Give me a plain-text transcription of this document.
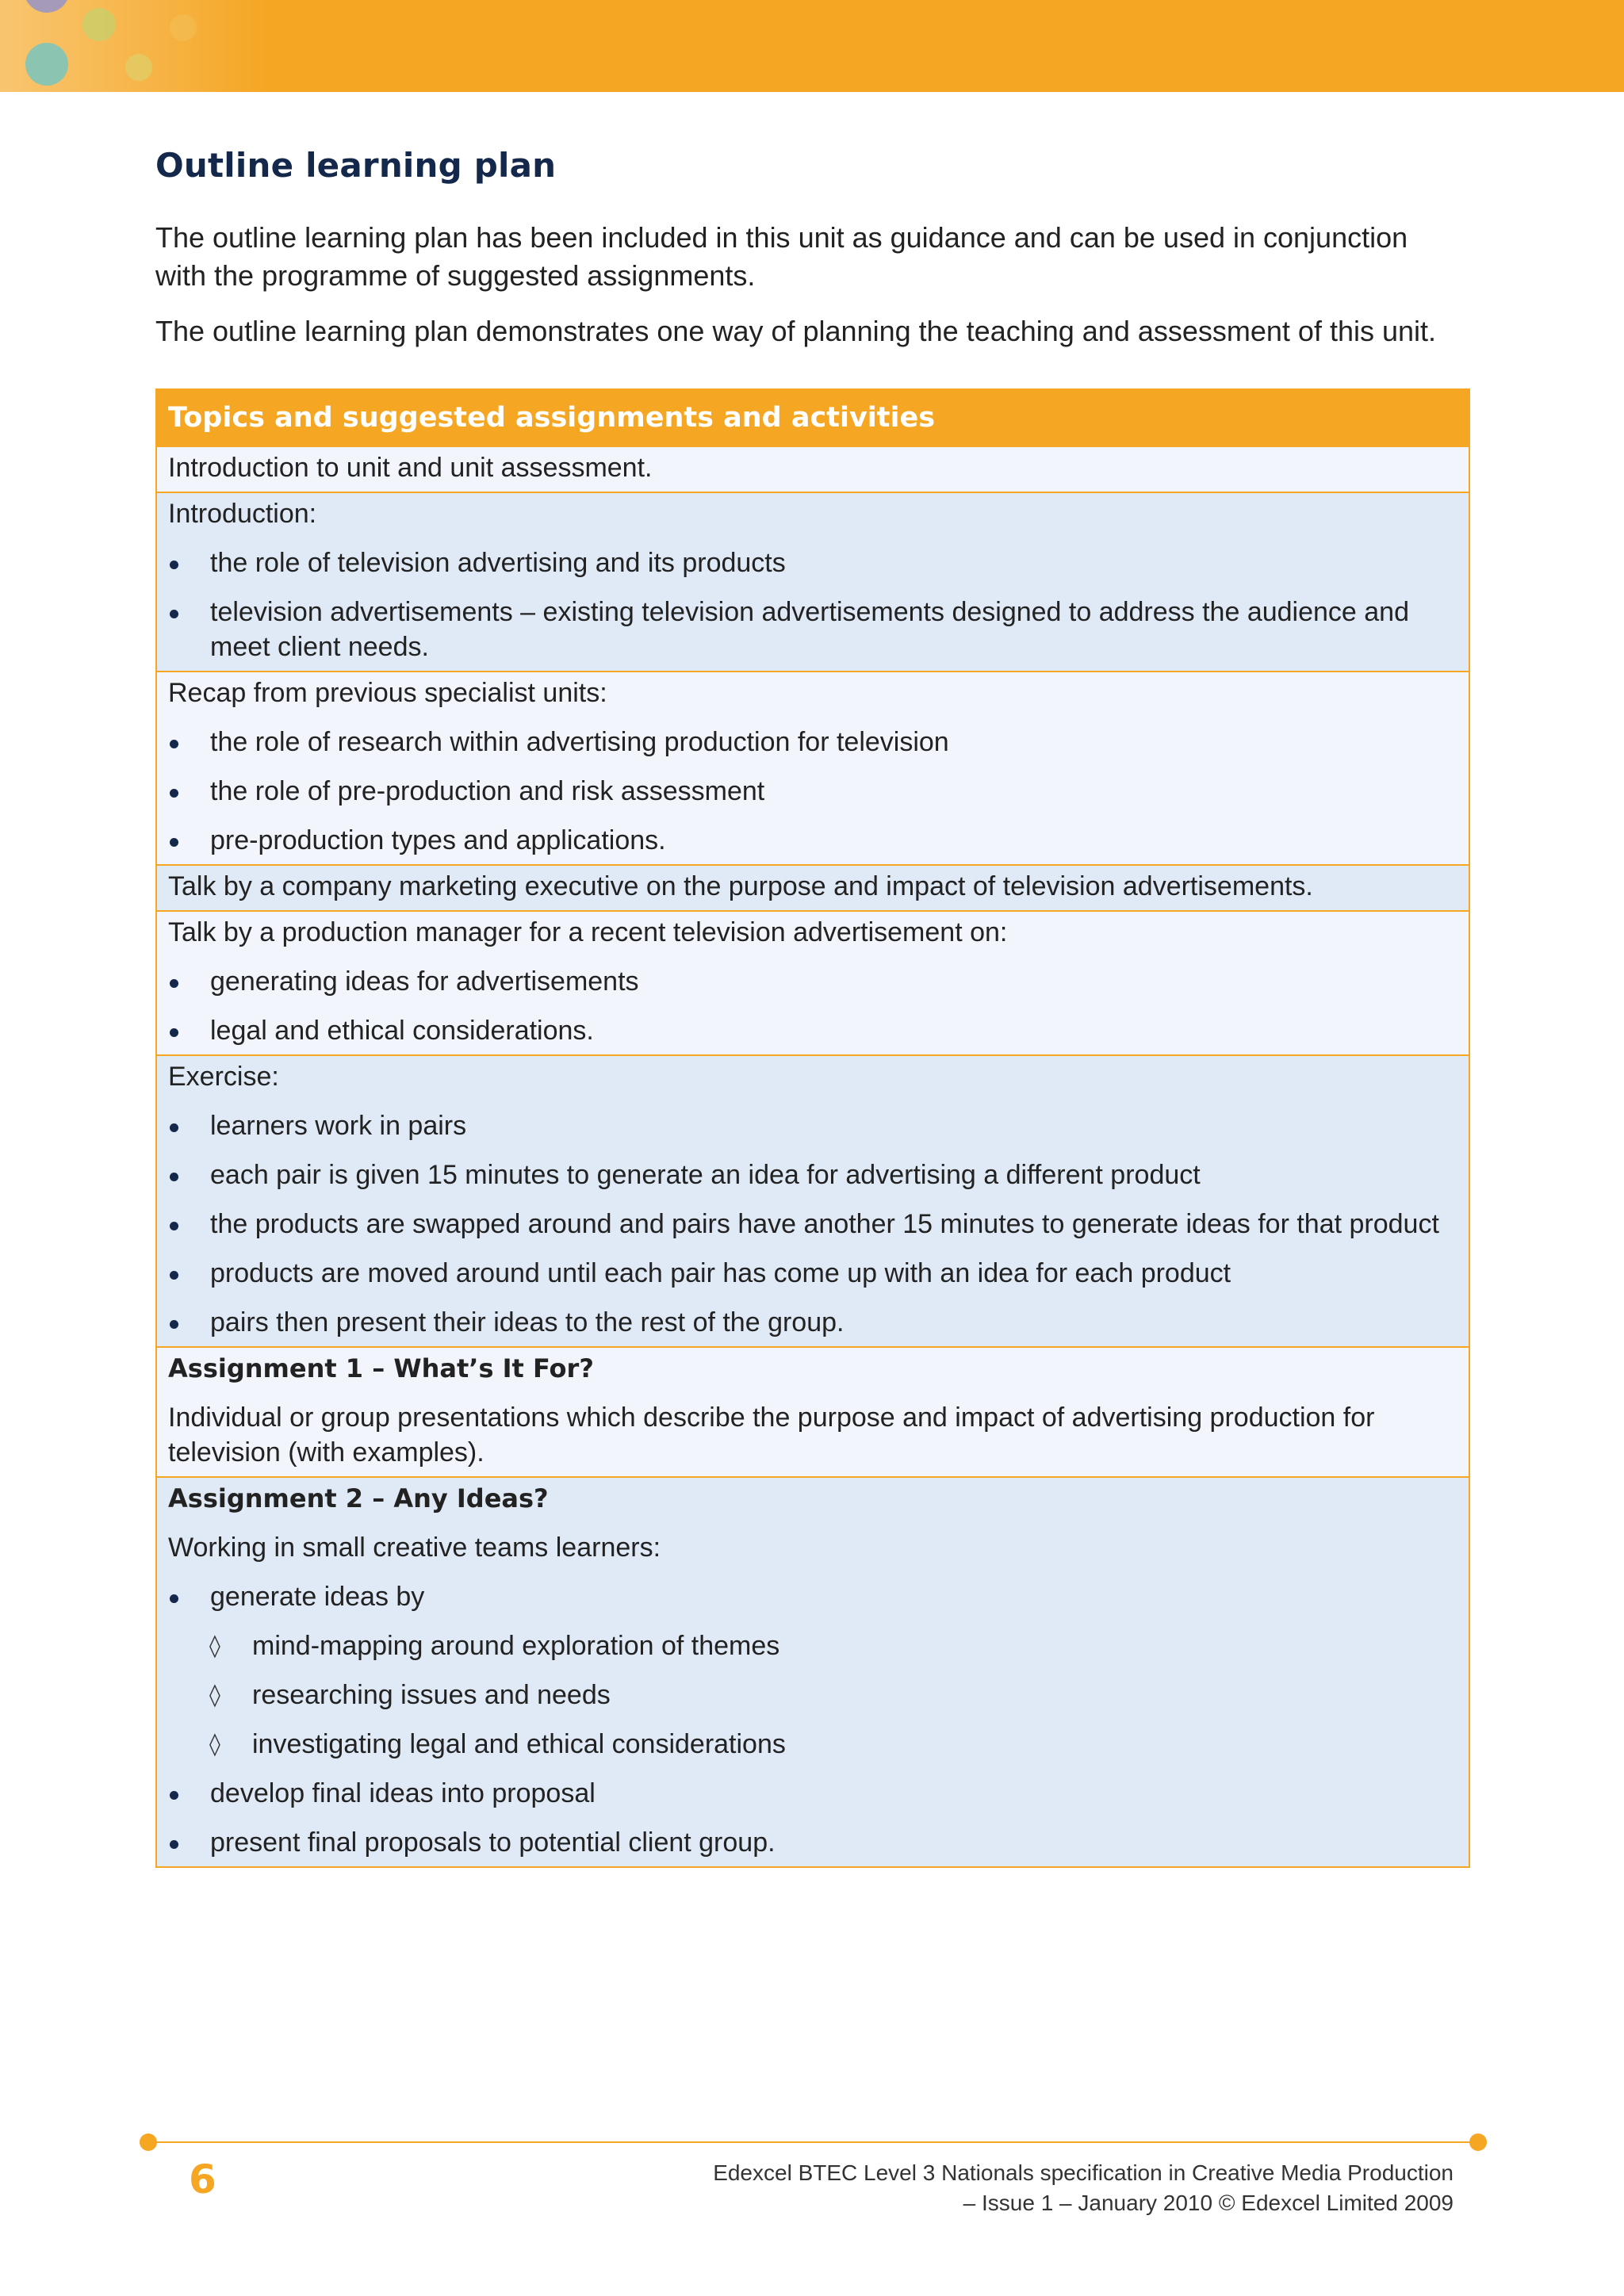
Outline learning plan

The outline learning plan has been included in this unit as guidance and can be used in conjunction with the programme of suggested assignments.

The outline learning plan demonstrates one way of planning the teaching and assessment of this unit.

Topics and suggested assignments and activities
Introduction to unit and unit assessment.
Introduction:
the role of television advertising and its products
television advertisements – existing television advertisements designed to address the audience and meet client needs.
Recap from previous specialist units:
the role of research within advertising production for television
the role of pre-production and risk assessment
pre-production types and applications.
Talk by a company marketing executive on the purpose and impact of television advertisements.
Talk by a production manager for a recent television advertisement on:
generating ideas for advertisements
legal and ethical considerations.
Exercise:
learners work in pairs
each pair is given 15 minutes to generate an idea for advertising a different product
the products are swapped around and pairs have another 15 minutes to generate ideas for that product
products are moved around until each pair has come up with an idea for each product
pairs then present their ideas to the rest of the group.
Assignment 1 – What’s It For?
Individual or group presentations which describe the purpose and impact of advertising production for television (with examples).
Assignment 2 – Any Ideas?
Working in small creative teams learners:
generate ideas by
◊ mind-mapping around exploration of themes
◊ researching issues and needs
◊ investigating legal and ethical considerations
develop final ideas into proposal
present final proposals to potential client group.
6	Edexcel BTEC Level 3 Nationals specification in Creative Media Production
– Issue 1 – January 2010 © Edexcel Limited 2009
